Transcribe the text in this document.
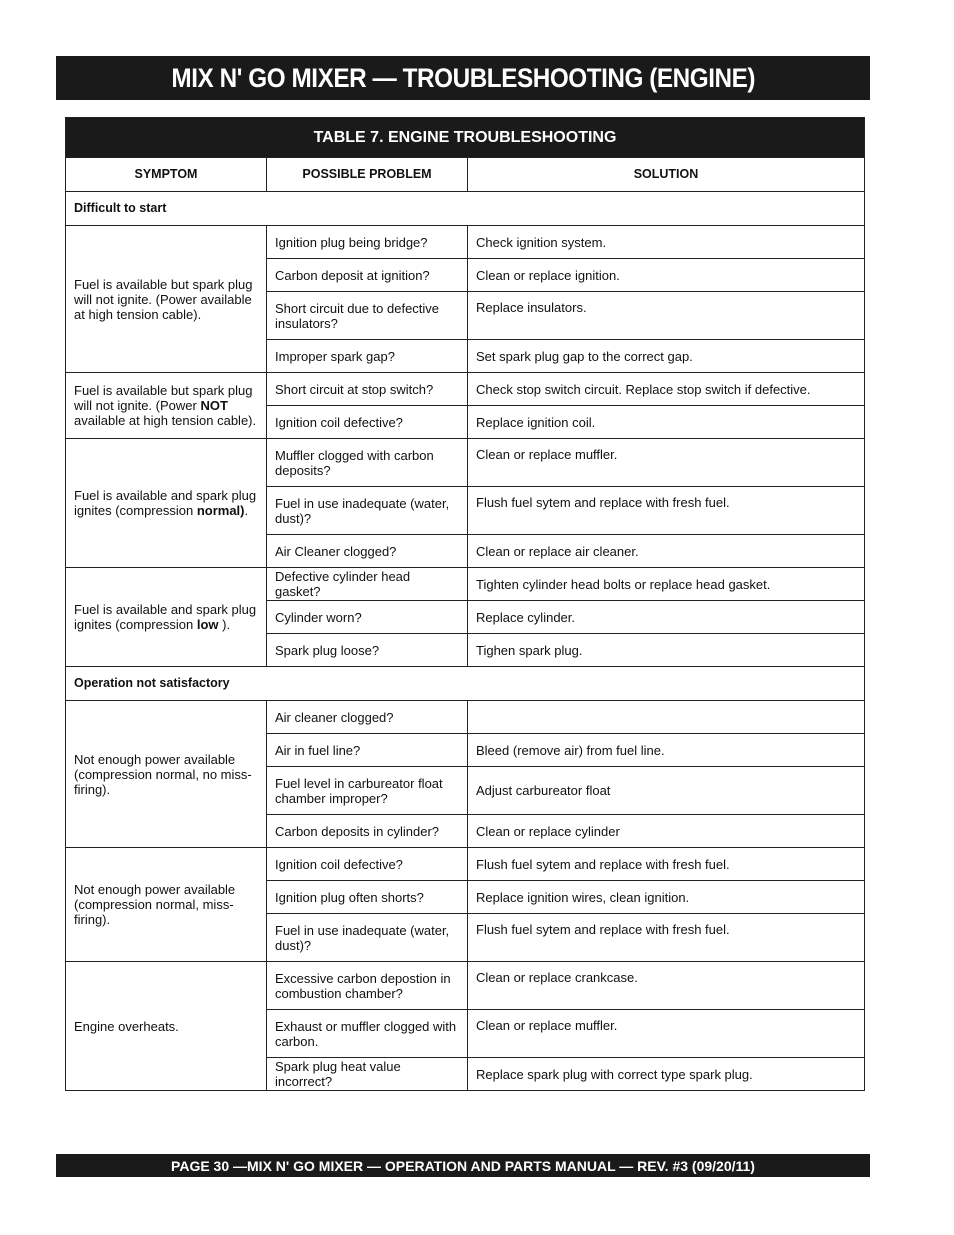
MIX N' GO MIXER — TROUBLESHOOTING (ENGINE)
TABLE 7. ENGINE TROUBLESHOOTING		
SYMPTOM	POSSIBLE PROBLEM	SOLUTION
Difficult to start		
Fuel is available but spark plug will not ignite. (Power available at high tension cable).	Ignition plug being bridge?	Check ignition system.
	Carbon deposit at ignition?	Clean or replace ignition.
	Short circuit due to defective insulators?	Replace insulators.
	Improper spark gap?	Set spark plug gap to the correct gap.
Fuel is available but spark plug will not ignite. (Power NOT available at high tension cable).	Short circuit at stop switch?	Check stop switch circuit. Replace stop switch if defective.
	Ignition coil defective?	Replace ignition coil.
Fuel is available and spark plug ignites (compression normal).	Muffler clogged with carbon deposits?	Clean or replace muffler.
	Fuel in use inadequate (water, dust)?	Flush fuel sytem and replace with fresh fuel.
	Air Cleaner clogged?	Clean or replace air cleaner.
Fuel is available and spark plug ignites (compression low ).	Defective cylinder head gasket?	Tighten cylinder head bolts or replace head gasket.
	Cylinder worn?	Replace cylinder.
	Spark plug loose?	Tighen spark plug.
Operation not satisfactory		
Not enough power available (compression normal, no miss-firing).	Air cleaner clogged?	
	Air in fuel line?	Bleed (remove air) from fuel line.
	Fuel level in carbureator float chamber improper?	Adjust carbureator float
	Carbon deposits in cylinder?	Clean or replace cylinder
Not enough power available (compression normal, miss-firing).	Ignition coil defective?	Flush fuel sytem and replace with fresh fuel.
	Ignition plug often shorts?	Replace ignition wires, clean ignition.
	Fuel in use inadequate (water, dust)?	Flush fuel sytem and replace with fresh fuel.
Engine overheats.	Excessive carbon depostion in combustion chamber?	Clean or replace crankcase.
	Exhaust or muffler clogged with carbon.	Clean or replace muffler.
	Spark plug heat value incorrect?	Replace spark plug with correct type spark plug.
PAGE 30 —MIX N' GO MIXER — OPERATION AND PARTS MANUAL — REV. #3 (09/20/11)
